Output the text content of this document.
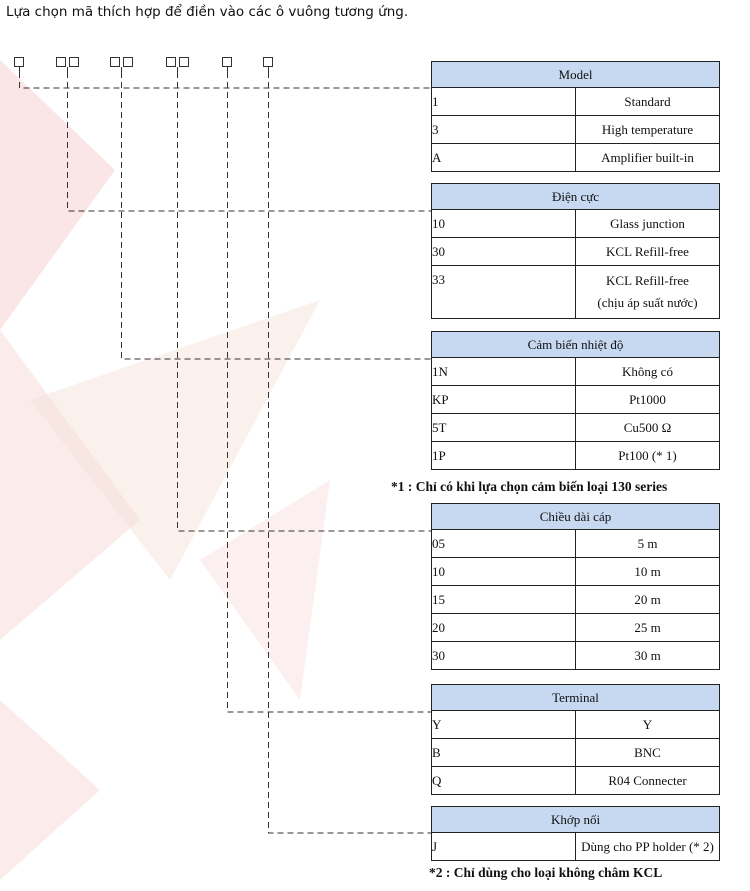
Lựa chọn mã thích hợp để điền vào các ô vuông tương ứng.
Model	
1	Standard
3	High temperature
A	Amplifier built-in
Điện cực	
10	Glass junction
30	KCL Refill-free
33	KCL Refill-free
(chịu áp suất nước)
Cảm biến nhiệt độ	
1N	Không có
KP	Pt1000
5T	Cu500 Ω
1P	Pt100 (* 1)
*1 : Chỉ có khi lựa chọn cảm biến loại 130 series
Chiều dài cáp	
05	5 m
10	10 m
15	20 m
20	25 m
30	30 m
Terminal	
Y	Y
B	BNC
Q	R04 Connecter
Khớp nối
J	Dùng cho PP holder (* 2)
*2 : Chỉ dùng cho loại không châm KCL
